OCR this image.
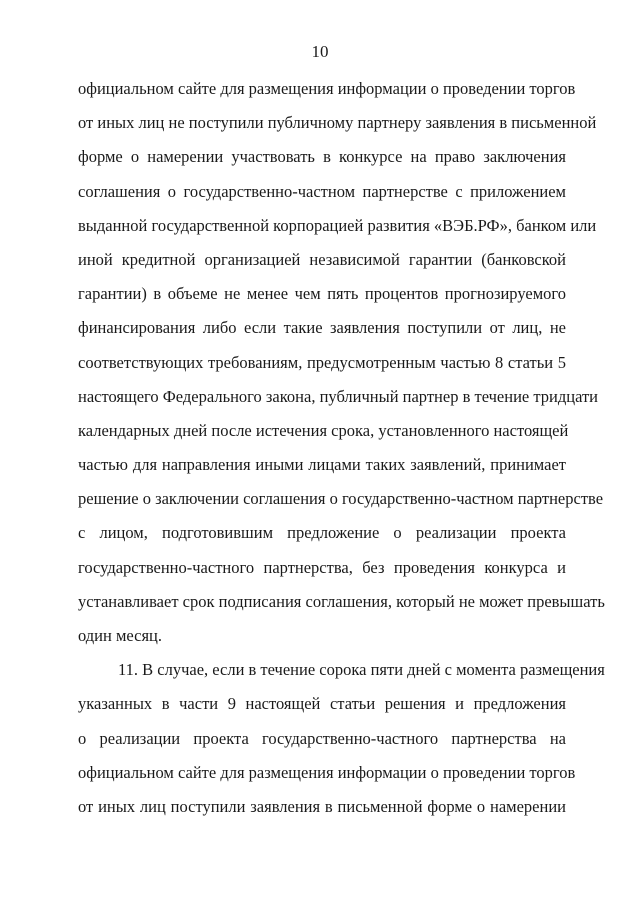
10
официальном сайте для размещения информации о проведении торгов
от иных лиц не поступили публичному партнеру заявления в письменной
форме о намерении участвовать в конкурсе на право заключения
соглашения о государственно-частном партнерстве с приложением
выданной государственной корпорацией развития «ВЭБ.РФ», банком или
иной кредитной организацией независимой гарантии (банковской
гарантии) в объеме не менее чем пять процентов прогнозируемого
финансирования либо если такие заявления поступили от лиц, не
соответствующих требованиям, предусмотренным частью 8 статьи 5
настоящего Федерального закона, публичный партнер в течение тридцати
календарных дней после истечения срока, установленного настоящей
частью для направления иными лицами таких заявлений, принимает
решение о заключении соглашения о государственно-частном партнерстве
с лицом, подготовившим предложение о реализации проекта
государственно-частного партнерства, без проведения конкурса и
устанавливает срок подписания соглашения, который не может превышать
один месяц.
11. В случае, если в течение сорока пяти дней с момента размещения
указанных в части 9 настоящей статьи решения и предложения
о реализации проекта государственно-частного партнерства на
официальном сайте для размещения информации о проведении торгов
от иных лиц поступили заявления в письменной форме о намерении
